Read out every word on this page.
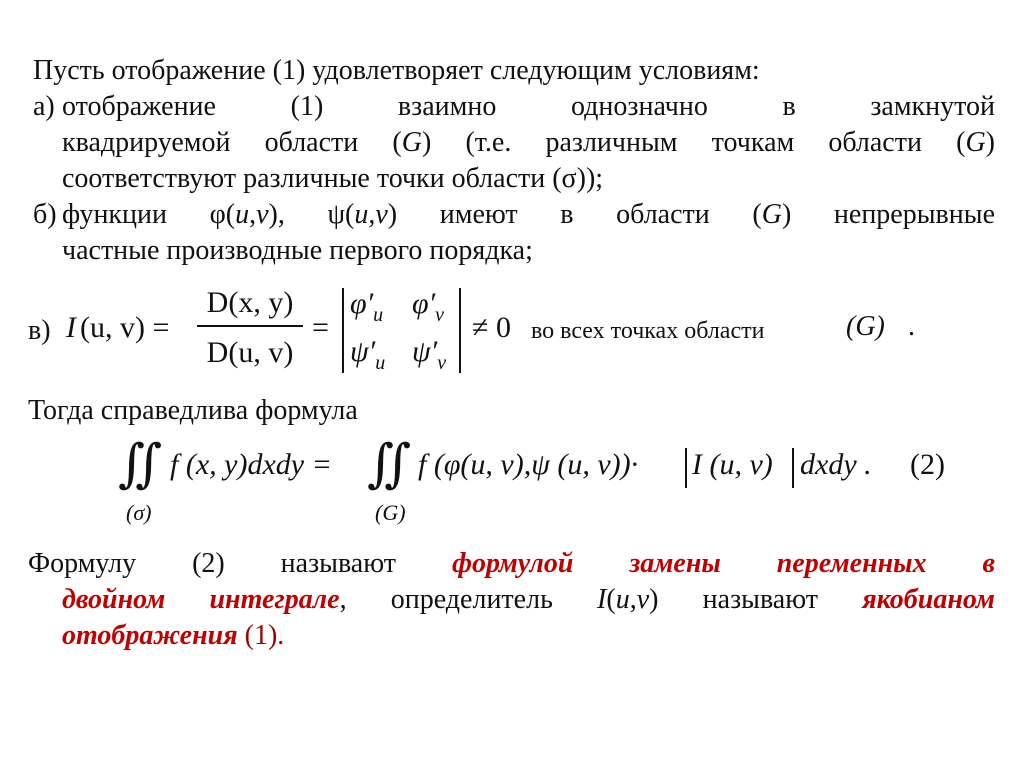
Пусть отображение (1) удовлетворяет следующим условиям:
а) отображение (1) взаимно однозначно в замкнутой
квадрируемой области (G) (т.е. различным точкам области (G)
соответствуют различные точки области (σ));
б) функции φ(u,v), ψ(u,v) имеют в области (G) непрерывные
частные производные первого порядка;
в) I (u, v) =
D(x, y)
D(u, v)
=
$\varphi'_u$ $\varphi'_v$
$\psi'_u$ $\psi'_v$
≠ 0 во всех точках области	(G) .
Тогда справедлива формула
∬ f (x, y)dxdy = ∬ f (φ(u, v),ψ (u, v))· I (u, v) dxdy . (2)
(σ)	(G)
Формулу (2) называют формулой замены переменных в
двойном интеграле, определитель I(u,v) называют якобианом
отображения (1).
